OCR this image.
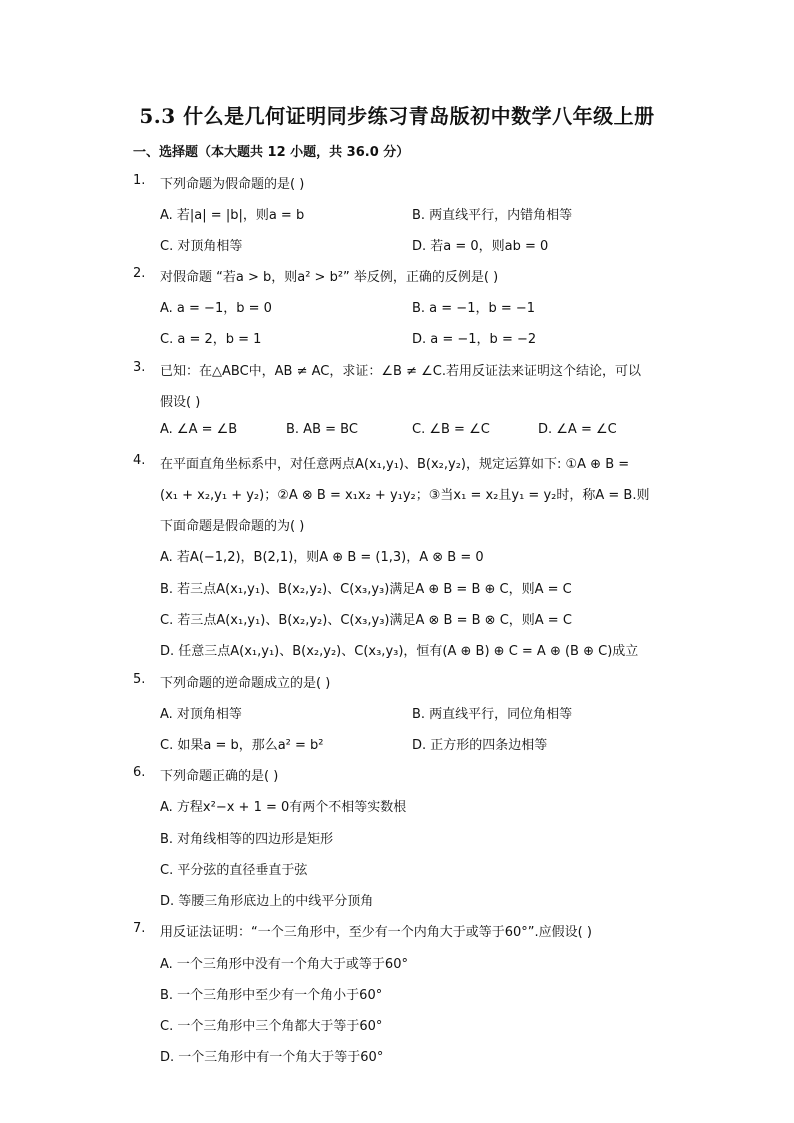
5.3 什么是几何证明同步练习青岛版初中数学八年级上册
一、选择题（本大题共 12 小题，共 36.0 分）
1. 下列命题为假命题的是( )
A. 若|a| = |b|，则a = b	B. 两直线平行，内错角相等
C. 对顶角相等	D. 若a = 0，则ab = 0
2. 对假命题 “若a > b，则a² > b²” 举反例，正确的反例是( )
A. a = −1，b = 0	B. a = −1，b = −1
C. a = 2，b = 1	D. a = −1，b = −2
3. 已知：在△ABC中，AB ≠ AC，求证：∠B ≠ ∠C.若用反证法来证明这个结论，可以
假设( )
A. ∠A = ∠B	B. AB = BC	C. ∠B = ∠C	D. ∠A = ∠C
4. 在平面直角坐标系中，对任意两点A(x₁,y₁)、B(x₂,y₂)，规定运算如下: ①A ⊕ B =
(x₁ + x₂,y₁ + y₂)；②A ⊗ B = x₁x₂ + y₁y₂；③当x₁ = x₂且y₁ = y₂时，称A = B.则
下面命题是假命题的为( )
A. 若A(−1,2)，B(2,1)，则A ⊕ B = (1,3)，A ⊗ B = 0
B. 若三点A(x₁,y₁)、B(x₂,y₂)、C(x₃,y₃)满足A ⊕ B = B ⊕ C，则A = C
C. 若三点A(x₁,y₁)、B(x₂,y₂)、C(x₃,y₃)满足A ⊗ B = B ⊗ C，则A = C
D. 任意三点A(x₁,y₁)、B(x₂,y₂)、C(x₃,y₃)，恒有(A ⊕ B) ⊕ C = A ⊕ (B ⊕ C)成立
5. 下列命题的逆命题成立的是( )
A. 对顶角相等	B. 两直线平行，同位角相等
C. 如果a = b，那么a² = b²	D. 正方形的四条边相等
6. 下列命题正确的是( )
A. 方程x²−x + 1 = 0有两个不相等实数根
B. 对角线相等的四边形是矩形
C. 平分弦的直径垂直于弦
D. 等腰三角形底边上的中线平分顶角
7. 用反证法证明：“一个三角形中，至少有一个内角大于或等于60°”.应假设( )
A. 一个三角形中没有一个角大于或等于60°
B. 一个三角形中至少有一个角小于60°
C. 一个三角形中三个角都大于等于60°
D. 一个三角形中有一个角大于等于60°
